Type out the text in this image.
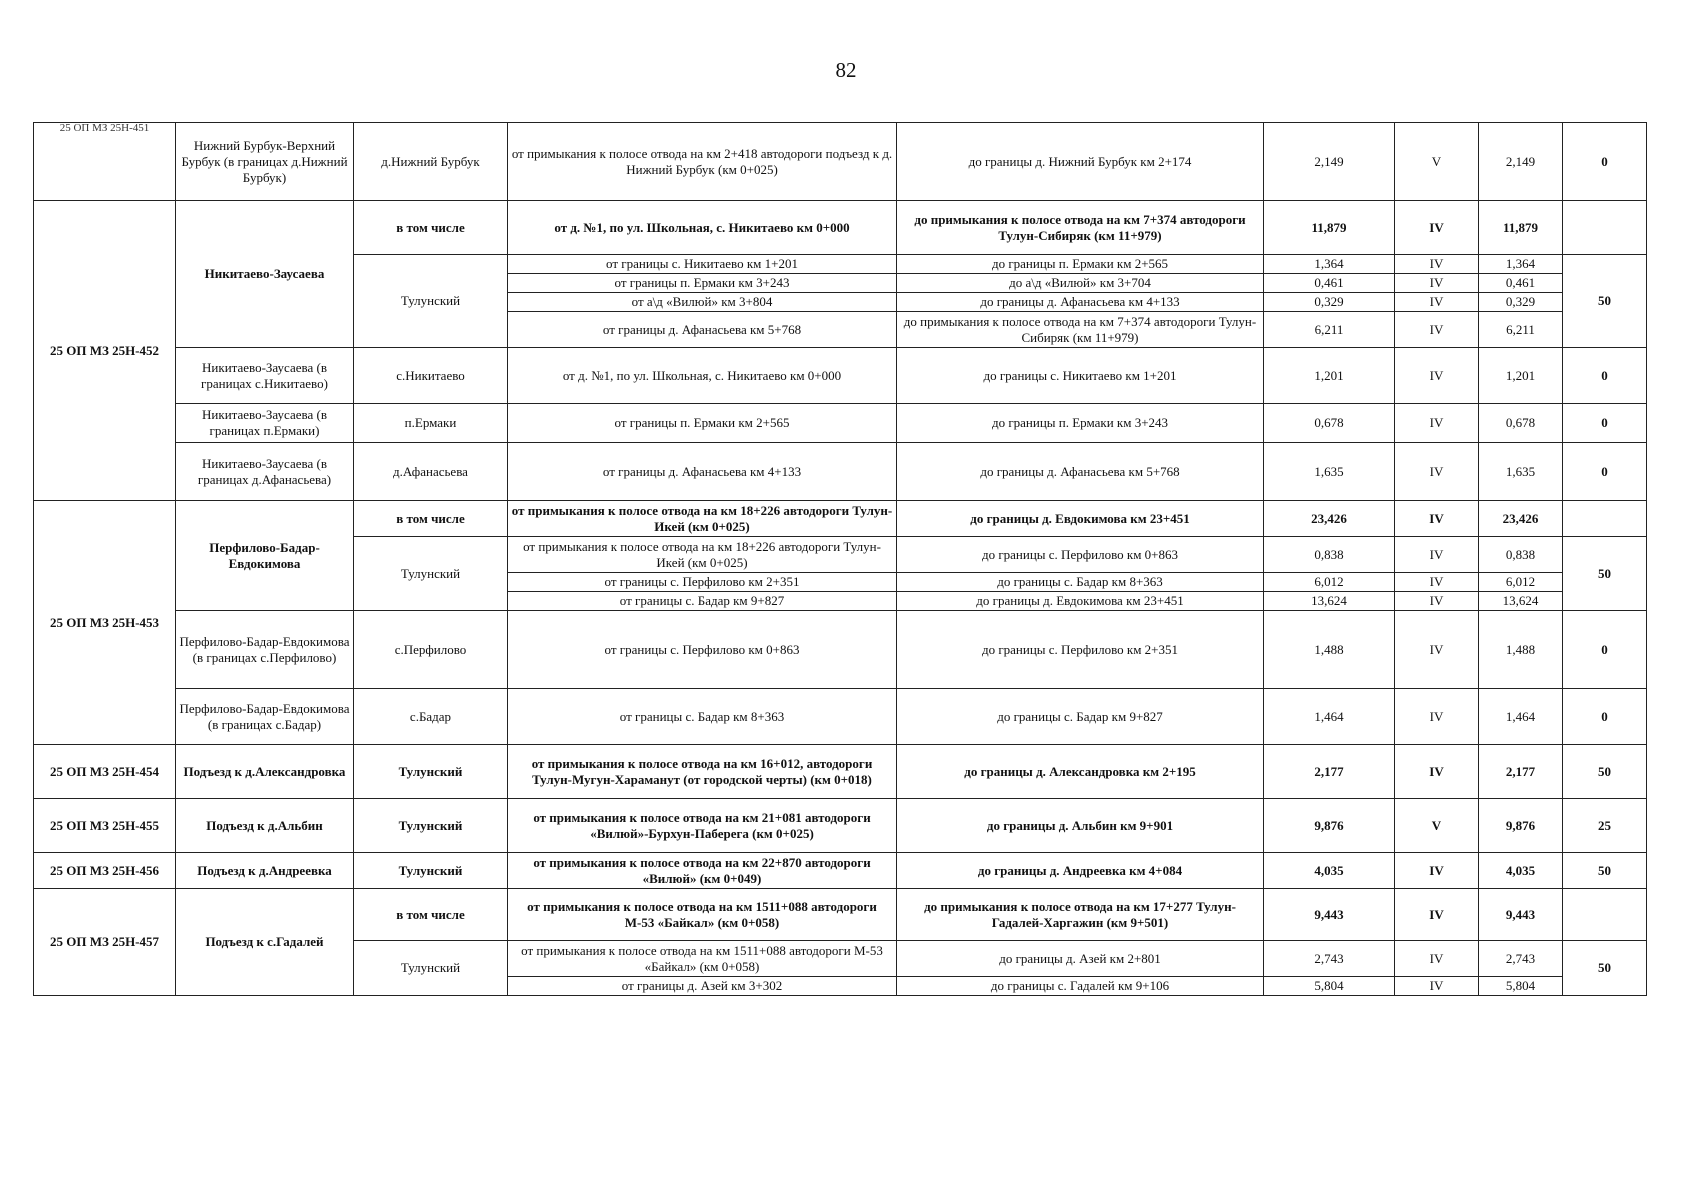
82
25 ОП МЗ 25Н-451	Нижний Бурбук-Верхний Бурбук (в границах д.Нижний Бурбук)	д.Нижний Бурбук	от примыкания к полосе отвода на км 2+418 автодороги подъезд к д. Нижний Бурбук (км 0+025)	до границы д. Нижний Бурбук км 2+174	2,149	V	2,149	0
25 ОП МЗ 25Н-452	Никитаево-Заусаева	в том числе	от д. №1, по ул. Школьная, с. Никитаево км 0+000	до примыкания к полосе отвода на км 7+374 автодороги Тулун-Сибиряк (км 11+979)	11,879	IV	11,879	
		Тулунский	от границы с. Никитаево км 1+201	до границы п. Ермаки км 2+565	1,364	IV	1,364	50
			от границы п. Ермаки км 3+243	до а\д «Вилюй» км 3+704	0,461	IV	0,461	
			от а\д «Вилюй» км 3+804	до границы д. Афанасьева км 4+133	0,329	IV	0,329	
			от границы д. Афанасьева км 5+768	до примыкания к полосе отвода на км 7+374 автодороги Тулун-Сибиряк (км 11+979)	6,211	IV	6,211	
	Никитаево-Заусаева (в границах с.Никитаево)	с.Никитаево	от д. №1, по ул. Школьная, с. Никитаево км 0+000	до границы с. Никитаево км 1+201	1,201	IV	1,201	0
	Никитаево-Заусаева (в границах п.Ермаки)	п.Ермаки	от границы п. Ермаки км 2+565	до границы п. Ермаки км 3+243	0,678	IV	0,678	0
	Никитаево-Заусаева (в границах д.Афанасьева)	д.Афанасьева	от границы д. Афанасьева км 4+133	до границы д. Афанасьева км 5+768	1,635	IV	1,635	0
25 ОП МЗ 25Н-453	Перфилово-Бадар-Евдокимова	в том числе	от примыкания к полосе отвода на км 18+226 автодороги Тулун-Икей (км 0+025)	до границы д. Евдокимова км 23+451	23,426	IV	23,426	
		Тулунский	от примыкания к полосе отвода на км 18+226 автодороги Тулун-Икей (км 0+025)	до границы с. Перфилово км 0+863	0,838	IV	0,838	50
			от границы с. Перфилово км 2+351	до границы с. Бадар км 8+363	6,012	IV	6,012	
			от границы с. Бадар км 9+827	до границы д. Евдокимова км 23+451	13,624	IV	13,624	
	Перфилово-Бадар-Евдокимова (в границах с.Перфилово)	с.Перфилово	от границы с. Перфилово км 0+863	до границы с. Перфилово км 2+351	1,488	IV	1,488	0
	Перфилово-Бадар-Евдокимова (в границах с.Бадар)	с.Бадар	от границы с. Бадар км 8+363	до границы с. Бадар км 9+827	1,464	IV	1,464	0
25 ОП МЗ 25Н-454	Подъезд к д.Александровка	Тулунский	от примыкания к полосе отвода на км 16+012, автодороги Тулун-Мугун-Хараманут (от городской черты) (км 0+018)	до границы д. Александровка км 2+195	2,177	IV	2,177	50
25 ОП МЗ 25Н-455	Подъезд к д.Альбин	Тулунский	от примыкания к полосе отвода на км 21+081 автодороги «Вилюй»-Бурхун-Паберега (км 0+025)	до границы д. Альбин км 9+901	9,876	V	9,876	25
25 ОП МЗ 25Н-456	Подъезд к д.Андреевка	Тулунский	от примыкания к полосе отвода на км 22+870 автодороги «Вилюй» (км 0+049)	до границы д. Андреевка км 4+084	4,035	IV	4,035	50
25 ОП МЗ 25Н-457	Подъезд к с.Гадалей	в том числе	от примыкания к полосе отвода на км 1511+088 автодороги М-53 «Байкал» (км 0+058)	до примыкания к полосе отвода на км 17+277 Тулун-Гадалей-Харгажин (км 9+501)	9,443	IV	9,443	
		Тулунский	от примыкания к полосе отвода на км 1511+088 автодороги М-53 «Байкал» (км 0+058)	до границы д. Азей км 2+801	2,743	IV	2,743	50
			от границы д. Азей км 3+302	до границы с. Гадалей км 9+106	5,804	IV	5,804	
